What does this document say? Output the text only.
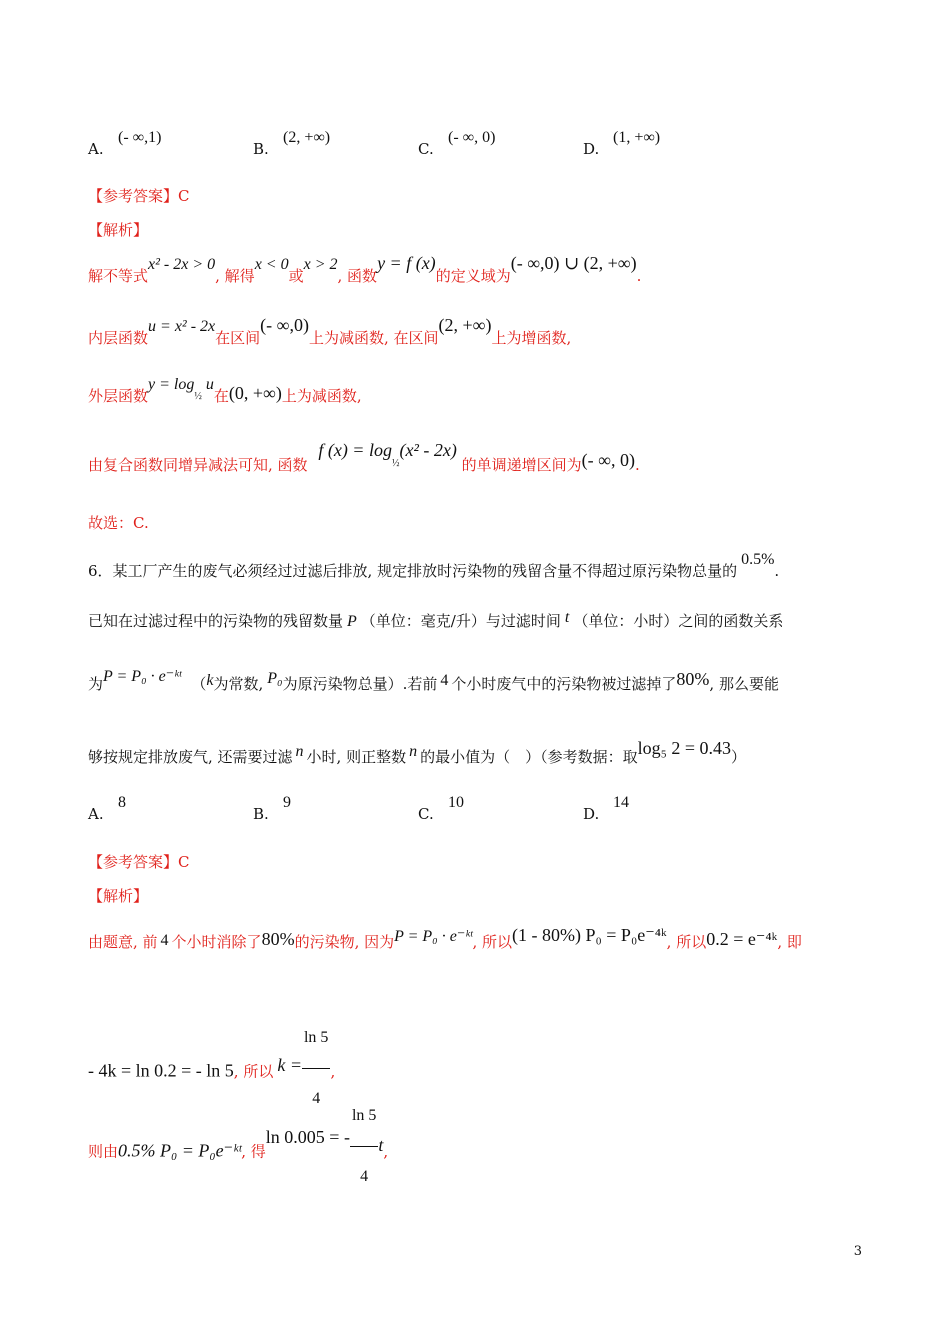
A.(- ∞,1)
B.(2, +∞)
C.(- ∞, 0)
D.(1, +∞)
【参考答案】C
【解析】
解不等式x² - 2x > 0, 解得x < 0或x > 2, 函数y = f (x)的定义域为(- ∞,0) ∪ (2, +∞).
内层函数u = x² - 2x在区间(- ∞,0)上为减函数, 在区间(2, +∞)上为增函数,
外层函数$y = \log_{\frac{1}{2}} u$在(0, +∞)上为减函数,
由复合函数同增异减法可知, 函数 f $(x) = \log_{\frac{1}{2}}(x^2 - 2x)$ 的单调递增区间为(- ∞, 0).
故选：C.
6．某工厂产生的废气必须经过过滤后排放, 规定排放时污染物的残留含量不得超过原污染物总量的0.5%.
已知在过滤过程中的污染物的残留数量 P （单位：毫克/升）与过滤时间 t （单位：小时）之间的函数关系
为P = P₀ · e⁻ᵏᵗ （k为常数, P₀为原污染物总量）.若前 4 个小时废气中的污染物被过滤掉了80%, 那么要能
够按规定排放废气, 还需要过滤 n 小时, 则正整数 n 的最小值为（　）（参考数据：取log₅ 2 = 0.43）
A.8
B.9
C.10
D.14
【参考答案】C
【解析】
由题意, 前 4 个小时消除了80%的污染物, 因为P = P₀ · e⁻ᵏᵗ, 所以(1 - 80%) P₀ = P₀e⁻⁴ᵏ, 所以0.2 = e⁻⁴ᵏ, 即
- 4k = ln 0.2 = - ln 5, 所以 $k = \frac{\ln 5}{4}$ ,
则由0.5% P₀ = P₀e⁻ᵏᵗ, 得ln 0.005 = - $\frac{\ln 5}{4} t$,
3
